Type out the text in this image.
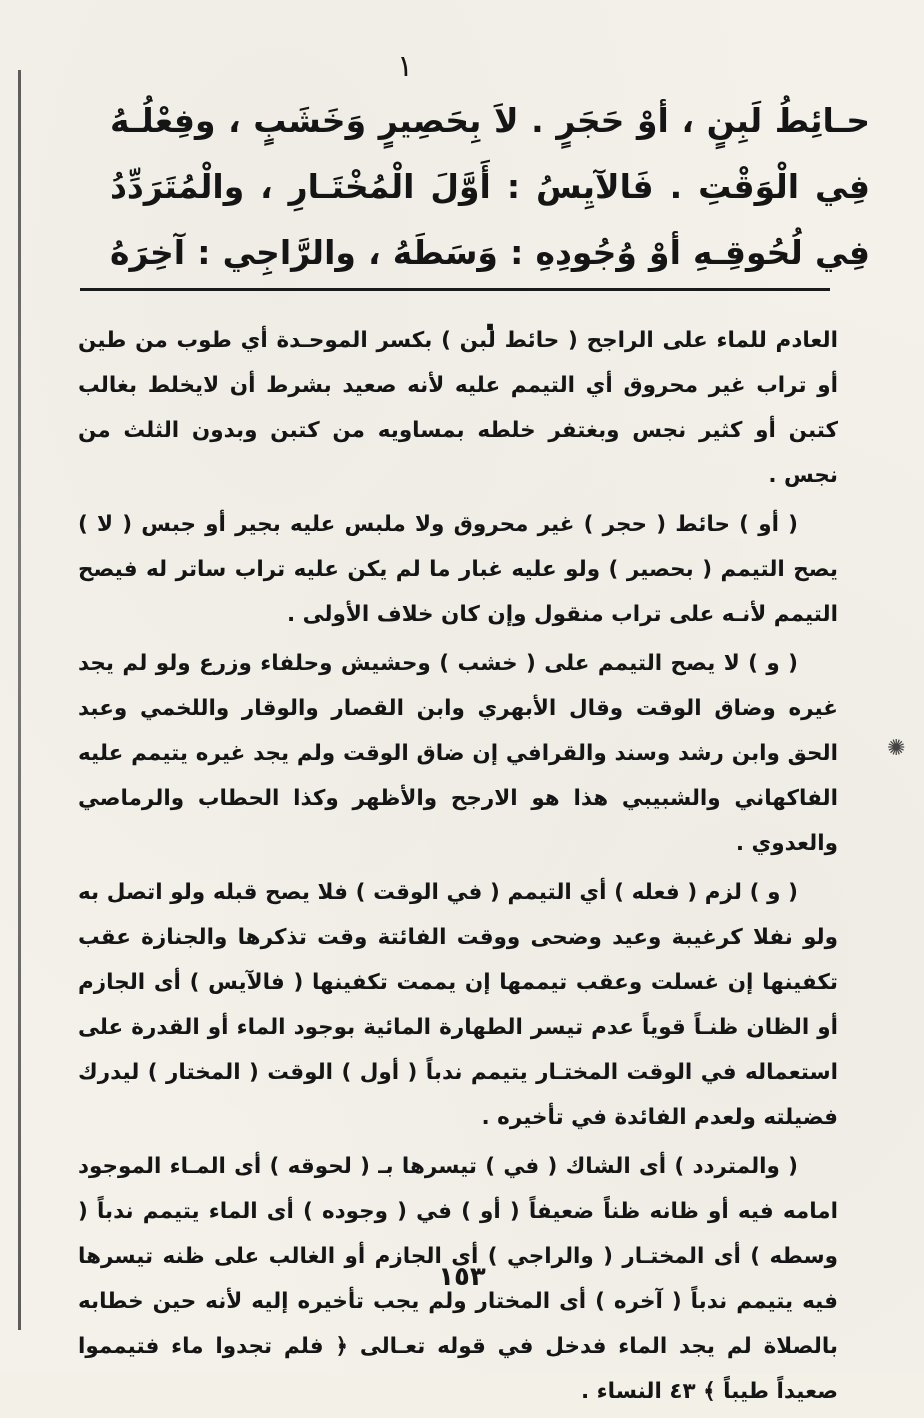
✺
١
حـائِطُ لَبِنٍ ، أوْ حَجَرٍ . لاَ بِحَصِيرٍ وَخَشَبٍ ، وفِعْلُـهُ فِي الْوَقْتِ . فَالآيِسُ : أَوَّلَ الْمُخْتَـارِ ، والْمُتَرَدِّدُ فِي لُحُوقِـهِ أوْ وُجُودِهِ : وَسَطَهُ ، والرَّاجِي : آخِرَهُ .

العادم للماء على الراجح ( حائط لبن ) بكسر الموحـدة أي طوب من طين أو تراب غير محروق أي التيمم عليه لأنه صعيد بشرط أن لايخلط بغالب كتبن أو كثير نجس وبغتفر خلطه بمساويه من كتبن وبدون الثلث من نجس .

( أو ) حائط ( حجر ) غير محروق ولا ملبس عليه بجير أو جبس ( لا ) يصح التيمم ( بحصير ) ولو عليه غبار ما لم يكن عليه تراب ساتر له فيصح التيمم لأنـه على تراب منقول وإن كان خلاف الأولى .

( و ) لا يصح التيمم على ( خشب ) وحشيش وحلفاء وزرع ولو لم يجد غيره وضاق الوقت وقال الأبهري وابن القصار والوقار واللخمي وعبد الحق وابن رشد وسند والقرافي إن ضاق الوقت ولم يجد غيره يتيمم عليه الفاكهاني والشبيبي هذا هو الارجح والأظهر وكذا الحطاب والرماصي والعدوي .

( و ) لزم ( فعله ) أي التيمم ( في الوقت ) فلا يصح قبله ولو اتصل به ولو نفلا كرغيبة وعيد وضحى ووقت الفائتة وقت تذكرها والجنازة عقب تكفينها إن غسلت وعقب تيممها إن يممت تكفينها ( فالآيس ) أى الجازم أو الظان ظنـاً قوياً عدم تيسر الطهارة المائية بوجود الماء أو القدرة على استعماله في الوقت المختـار يتيمم ندباً ( أول ) الوقت ( المختار ) ليدرك فضيلته ولعدم الفائدة في تأخيره .

( والمتردد ) أى الشاك ( في ) تيسرها بـ ( لحوقه ) أى المـاء الموجود امامه فيه أو ظانه ظناً ضعيفاً ( أو ) في ( وجوده ) أى الماء يتيمم ندباً ( وسطه ) أى المختـار ( والراجي ) أى الجازم أو الغالب على ظنه تيسرها فيه يتيمم ندباً ( آخره ) أى المختار ولم يجب تأخيره إليه لأنه حين خطابه بالصلاة لم يجد الماء فدخل في قوله تعـالى ﴿ فلم تجدوا ماء فتيمموا صعيداً طيباً ﴾ ٤٣ النساء .

١٥٣
